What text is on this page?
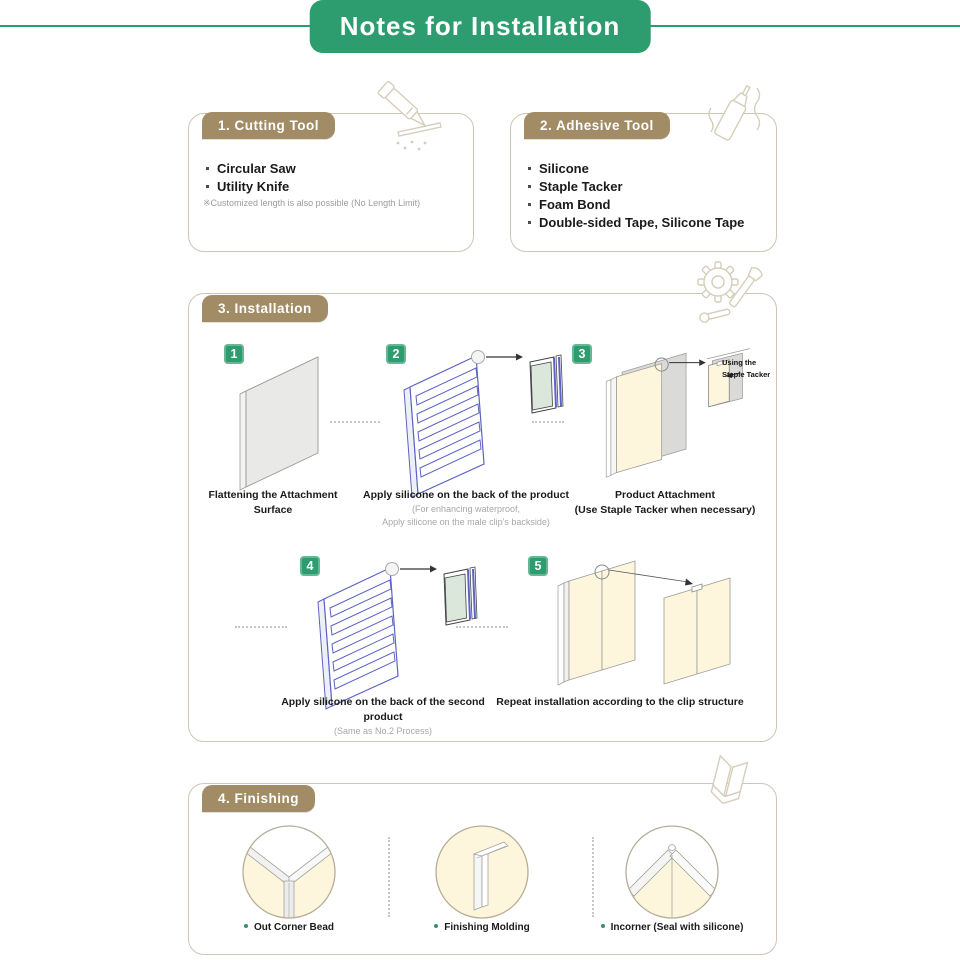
Notes for Installation
1. Cutting Tool
Circular Saw
Utility Knife
※Customized length is also possible (No Length Limit)
2. Adhesive Tool
Silicone
Staple Tacker
Foam Bond
Double-sided Tape, Silicone Tape
3. Installation
1	2	3
4	5
Using the Staple Tacker
Flattening the Attachment Surface
Apply silicone on the back of the product
(For enhancing waterproof,
Apply silicone on the male clip's backside)
Product Attachment
(Use Staple Tacker when necessary)
Apply silicone on the back of the second product
(Same as No.2 Process)
Repeat installation according to the clip structure
4. Finishing
Out Corner Bead	Finishing Molding	Incorner (Seal with silicone)
